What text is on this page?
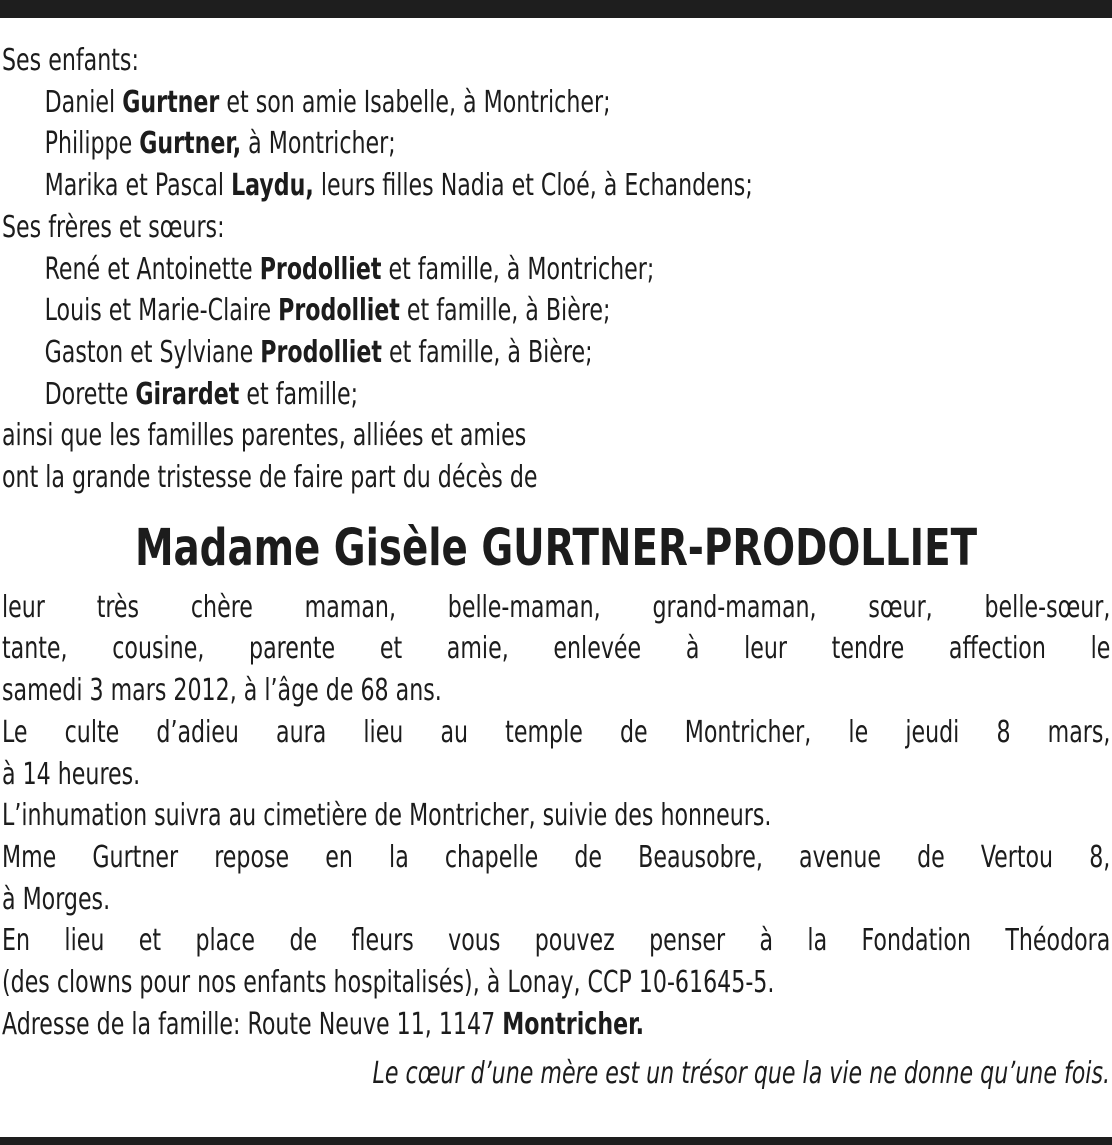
Ses enfants:
Daniel Gurtner et son amie Isabelle, à Montricher;
Philippe Gurtner, à Montricher;
Marika et Pascal Laydu, leurs filles Nadia et Cloé, à Echandens;
Ses frères et sœurs:
René et Antoinette Prodolliet et famille, à Montricher;
Louis et Marie-Claire Prodolliet et famille, à Bière;
Gaston et Sylviane Prodolliet et famille, à Bière;
Dorette Girardet et famille;
ainsi que les familles parentes, alliées et amies
ont la grande tristesse de faire part du décès de
Madame Gisèle GURTNER-PRODOLLIET
leur très chère maman, belle-maman, grand-maman, sœur, belle-sœur,
tante, cousine, parente et amie, enlevée à leur tendre affection le
samedi 3 mars 2012, à l’âge de 68 ans.
Le culte d’adieu aura lieu au temple de Montricher, le jeudi 8 mars,
à 14 heures.
L’inhumation suivra au cimetière de Montricher, suivie des honneurs.
Mme Gurtner repose en la chapelle de Beausobre, avenue de Vertou 8,
à Morges.
En lieu et place de fleurs vous pouvez penser à la Fondation Théodora
(des clowns pour nos enfants hospitalisés), à Lonay, CCP 10-61645-5.
Adresse de la famille: Route Neuve 11, 1147 Montricher.
Le cœur d’une mère est un trésor que la vie ne donne qu’une fois.
